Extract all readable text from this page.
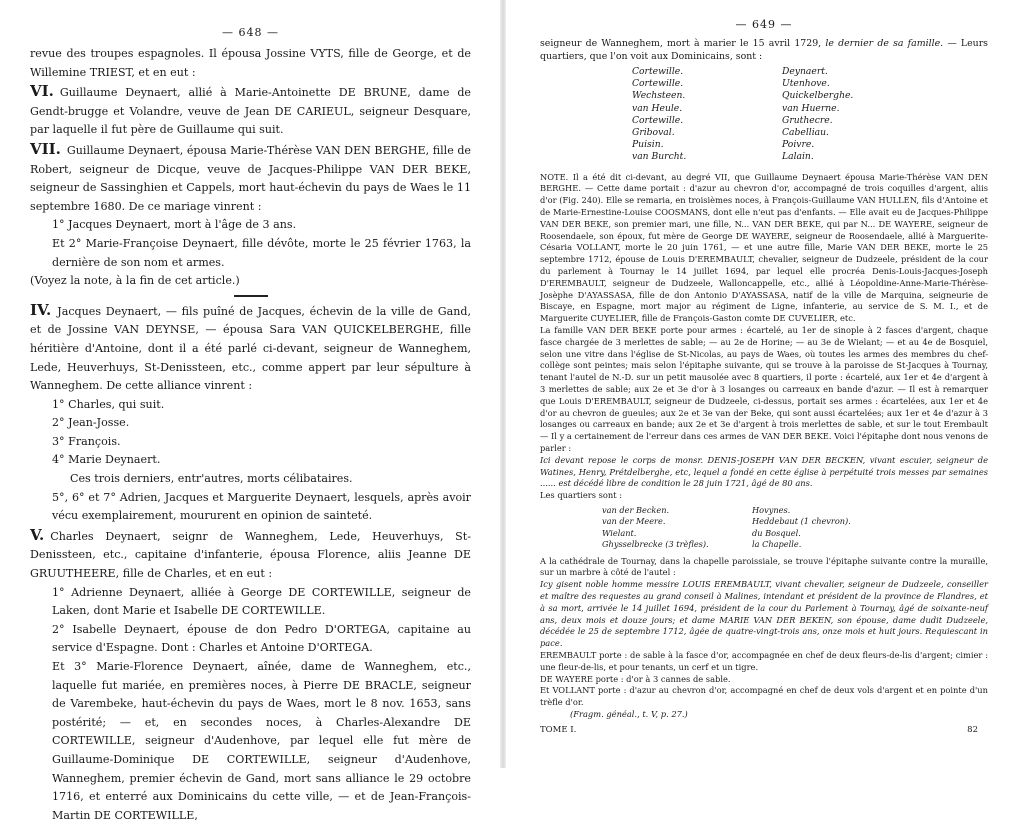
— 648 —

revue des troupes espagnoles. Il épousa Jossine VYTS, fille de George, et de Willemine TRIEST, et en eut :

VI. Guillaume Deynaert, allié à Marie-Antoinette DE BRUNE, dame de Gendt-brugge et Volandre, veuve de Jean DE CARIEUL, seigneur Desquare, par laquelle il fut père de Guillaume qui suit.

VII. Guillaume Deynaert, épousa Marie-Thérèse VAN DEN BERGHE, fille de Robert, seigneur de Dicque, veuve de Jacques-Philippe VAN DER BEKE, seigneur de Sassinghien et Cappels, mort haut-échevin du pays de Waes le 11 septembre 1680. De ce mariage vinrent :

1° Jacques Deynaert, mort à l'âge de 3 ans.

Et 2° Marie-Françoise Deynaert, fille dévôte, morte le 25 février 1763, la dernière de son nom et armes.

(Voyez la note, à la fin de cet article.)

IV. Jacques Deynaert, — fils puîné de Jacques, échevin de la ville de Gand, et de Jossine VAN DEYNSE, — épousa Sara VAN QUICKELBERGHE, fille héritière d'Antoine, dont il a été parlé ci-devant, seigneur de Wanneghem, Lede, Heuverhuys, St-Denissteen, etc., comme appert par leur sépulture à Wanneghem. De cette alliance vinrent :

1° Charles, qui suit.

2° Jean-Josse.

3° François.

4° Marie Deynaert.

Ces trois derniers, entr'autres, morts célibataires.

5°, 6° et 7° Adrien, Jacques et Marguerite Deynaert, lesquels, après avoir vécu exemplairement, moururent en opinion de sainteté.

V. Charles Deynaert, seignr de Wanneghem, Lede, Heuverhuys, St-Denissteen, etc., capitaine d'infanterie, épousa Florence, aliis Jeanne DE GRUUTHEERE, fille de Charles, et en eut :

1° Adrienne Deynaert, alliée à George DE CORTEWILLE, seigneur de Laken, dont Marie et Isabelle DE CORTEWILLE.

2° Isabelle Deynaert, épouse de don Pedro D'ORTEGA, capitaine au service d'Espagne. Dont : Charles et Antoine D'ORTEGA.

Et 3° Marie-Florence Deynaert, aînée, dame de Wanneghem, etc., laquelle fut mariée, en premières noces, à Pierre DE BRACLE, seigneur de Varembeke, haut-échevin du pays de Waes, mort le 8 nov. 1653, sans postérité; — et, en secondes noces, à Charles-Alexandre DE CORTEWILLE, seigneur d'Audenhove, par lequel elle fut mère de Guillaume-Dominique DE CORTEWILLE, seigneur d'Audenhove, Wanneghem, premier échevin de Gand, mort sans alliance le 29 octobre 1716, et enterré aux Dominicains du cette ville, — et de Jean-François-Martin DE CORTEWILLE,

— 649 —

seigneur de Wanneghem, mort à marier le 15 avril 1729, le dernier de sa famille. — Leurs quartiers, que l'on voit aux Dominicains, sont :

Cortewille.
Cortewille.
Wechsteen.
van Heule.
Cortewille.
Griboval.
Puisin.
van Burcht.
Deynaert.
Utenhove.
Quickelberghe.
van Huerne.
Gruthecre.
Cabelliau.
Poivre.
Lalain.

NOTE. Il a été dit ci-devant, au degré VII, que Guillaume Deynaert épousa Marie-Thérèse VAN DEN BERGHE. — Cette dame portait : d'azur au chevron d'or, accompagné de trois coquilles d'argent, aliis d'or (Fig. 240). Elle se remaria, en troisièmes noces, à François-Guillaume VAN HULLEN, fils d'Antoine et de Marie-Ernestine-Louise COOSMANS, dont elle n'eut pas d'enfants. — Elle avait eu de Jacques-Philippe VAN DER BEKE, son premier mari, une fille, N... VAN DER BEKE, qui par N... DE WAYERE, seigneur de Roosendaele, son époux, fut mère de George DE WAYERE, seigneur de Roosendaele, allié à Marguerite-Césaria VOLLANT, morte le 20 juin 1761, — et une autre fille, Marie VAN DER BEKE, morte le 25 septembre 1712, épouse de Louis D'EREMBAULT, chevalier, seigneur de Dudzeele, président de la cour du parlement à Tournay le 14 juillet 1694, par lequel elle procréa Denis-Louis-Jacques-Joseph D'EREMBAULT, seigneur de Dudzeele, Walloncappelle, etc., allié à Léopoldine-Anne-Marie-Thérèse-Josèphe D'AYASSASA, fille de don Antonio D'AYASSASA, natif de la ville de Marquina, seigneurie de Biscaye, en Espagne, mort major au régiment de Ligne, infanterie, au service de S. M. I., et de Marguerite CUYELIER, fille de François-Gaston comte DE CUVELIER, etc.

La famille VAN DER BEKE porte pour armes : écartelé, au 1er de sinople à 2 fasces d'argent, chaque fasce chargée de 3 merlettes de sable; — au 2e de Horine; — au 3e de Wielant; — et au 4e de Bosquiel, selon une vitre dans l'église de St-Nicolas, au pays de Waes, où toutes les armes des membres du chef-collège sont peintes; mais selon l'épitaphe suivante, qui se trouve à la paroisse de St-Jacques à Tournay, tenant l'autel de N.-D. sur un petit mausolée avec 8 quartiers, il porte : écartelé, aux 1er et 4e d'argent à 3 merlettes de sable; aux 2e et 3e d'or à 3 losanges ou carreaux en bande d'azur. — Il est à remarquer que Louis D'EREMBAULT, seigneur de Dudzeele, ci-dessus, portait ses armes : écartelées, aux 1er et 4e d'or au chevron de gueules; aux 2e et 3e van der Beke, qui sont aussi écartelées; aux 1er et 4e d'azur à 3 losanges ou carreaux en bande; aux 2e et 3e d'argent à trois merlettes de sable, et sur le tout Erembault — Il y a certainement de l'erreur dans ces armes de VAN DER BEKE. Voici l'épitaphe dont nous venons de parler :

Ici devant repose le corps de monsr. DENIS-JOSEPH VAN DER BECKEN, vivant escuier, seigneur de Watines, Henry, Prétdelberghe, etc, lequel a fondé en cette église à perpétuité trois messes par semaines ...... est décédé libre de condition le 28 juin 1721, âgé de 80 ans.

Les quartiers sont :

van der Becken.
van der Meere.
Wielant.
Ghysselbrecke (3 trèfles).
Hovynes.
Heddebaut (1 chevron).
du Bosquel.
la Chapelle.

A la cathédrale de Tournay, dans la chapelle paroissiale, se trouve l'épitaphe suivante contre la muraille, sur un marbre à côté de l'autel :

Icy gisent noble homme messire LOUIS EREMBAULT, vivant chevalier, seigneur de Dudzeele, conseiller et maître des requestes au grand conseil à Malines, intendant et président de la province de Flandres, et à sa mort, arrivée le 14 juillet 1694, président de la cour du Parlement à Tournay, âgé de soixante-neuf ans, deux mois et douze jours; et dame MARIE VAN DER BEKEN, son épouse, dame dudit Dudzeele, décédée le 25 de septembre 1712, âgée de quatre-vingt-trois ans, onze mois et huit jours. Requiescant in pace.

EREMBAULT porte : de sable à la fasce d'or, accompagnée en chef de deux fleurs-de-lis d'argent; cimier : une fleur-de-lis, et pour tenants, un cerf et un tigre.

DE WAYERE porte : d'or à 3 cannes de sable.

Et VOLLANT porte : d'azur au chevron d'or, accompagné en chef de deux vols d'argent et en pointe d'un trèfle d'or.

(Fragm. généal., t. V, p. 27.)

TOME I.	82
